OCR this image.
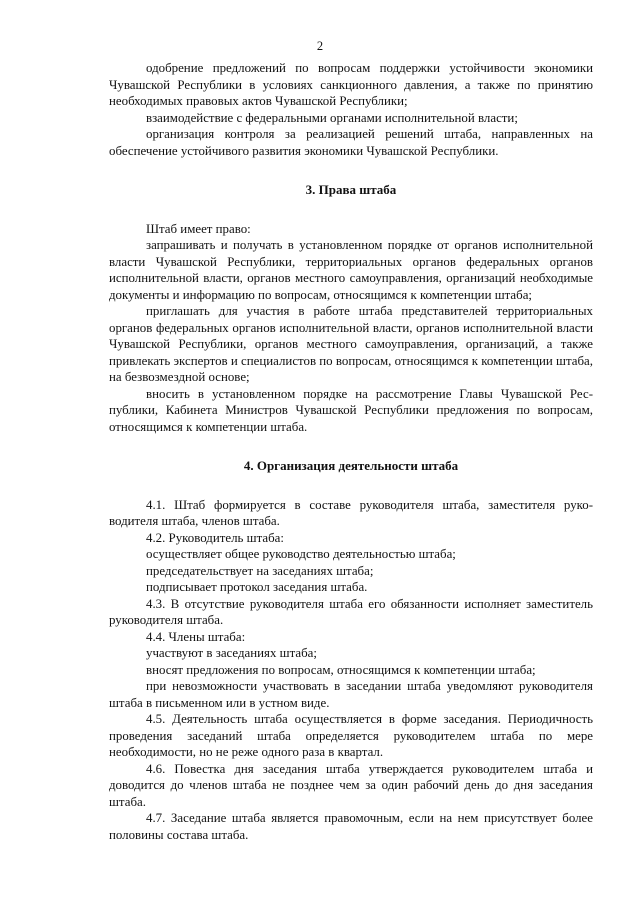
2

одобрение предложений по вопросам поддержки устойчивости экономики Чувашской Республики в условиях санкционного давления, а также по принятию необходимых правовых актов Чувашской Республики;

взаимодействие с федеральными органами исполнительной власти;

организация контроля за реализацией решений штаба, направленных на обеспечение устойчивого развития экономики Чувашской Республики.

3. Права штаба

Штаб имеет право:

запрашивать и получать в установленном порядке от органов исполнительной власти Чувашской Республики, территориальных органов федеральных органов исполнительной власти, органов местного самоуправления, организаций необходимые документы и информацию по вопросам, относящимся к компетенции штаба;

приглашать для участия в работе штаба представителей территориальных органов федеральных органов исполнительной власти, органов исполнительной власти Чувашской Республики, органов местного самоуправления, организаций, а также привлекать экспертов и специалистов по вопросам, относящимся к компетенции штаба, на безвозмездной основе;

вносить в установленном порядке на рассмотрение Главы Чувашской Республики, Кабинета Министров Чувашской Республики предложения по вопросам, относящимся к компетенции штаба.

4. Организация деятельности штаба

4.1. Штаб формируется в составе руководителя штаба, заместителя руководителя штаба, членов штаба.

4.2. Руководитель штаба:

осуществляет общее руководство деятельностью штаба;

председательствует на заседаниях штаба;

подписывает протокол заседания штаба.

4.3. В отсутствие руководителя штаба его обязанности исполняет заместитель руководителя штаба.

4.4. Члены штаба:

участвуют в заседаниях штаба;

вносят предложения по вопросам, относящимся к компетенции штаба;

при невозможности участвовать в заседании штаба уведомляют руководителя штаба в письменном или в устном виде.

4.5. Деятельность штаба осуществляется в форме заседания. Периодичность проведения заседаний штаба определяется руководителем штаба по мере необходимости, но не реже одного раза в квартал.

4.6. Повестка дня заседания штаба утверждается руководителем штаба и доводится до членов штаба не позднее чем за один рабочий день до дня заседания штаба.

4.7. Заседание штаба является правомочным, если на нем присутствует более половины состава штаба.
